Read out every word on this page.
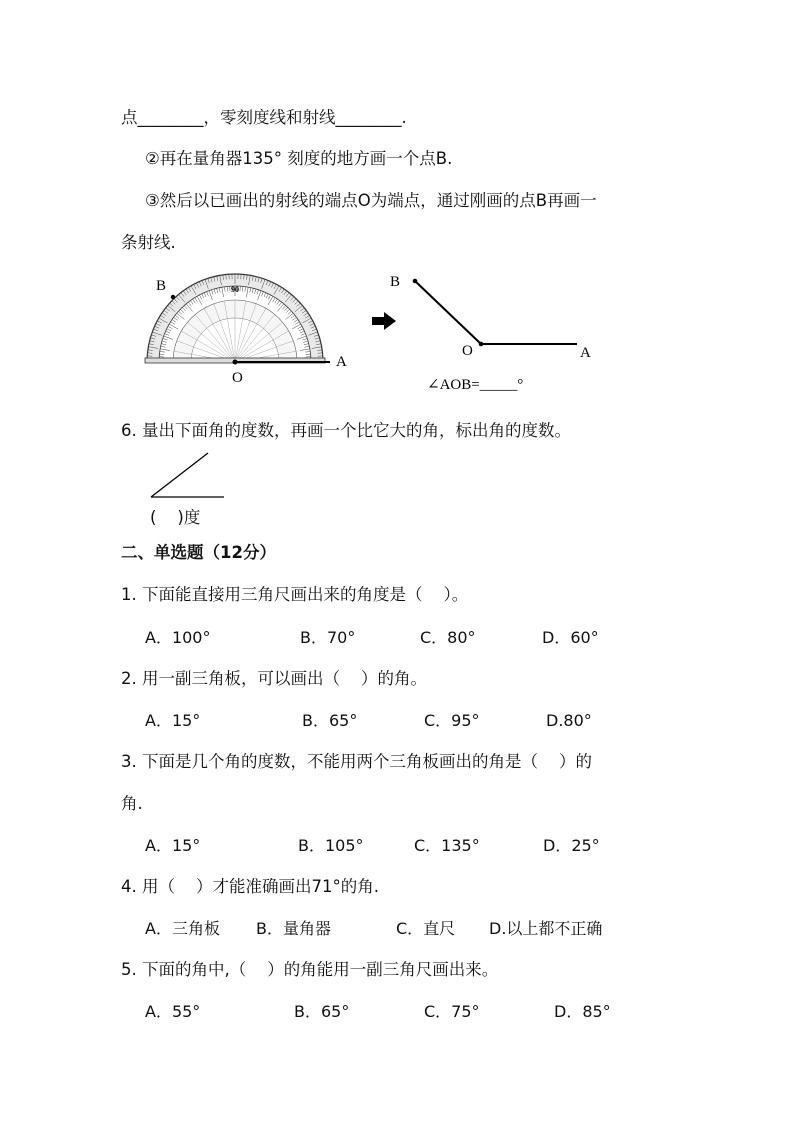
点________，零刻度线和射线________.
②再在量角器135° 刻度的地方画一个点B.
③然后以已画出的射线的端点O为端点，通过刚画的点B再画一
条射线.
90
B
O
A
B
O	A
∠AOB=_____°
6. 量出下面角的度数，再画一个比它大的角，标出角的度数。
(    )度
二、单选题（12分）
1. 下面能直接用三角尺画出来的角度是（    ）。
A．100°	B．70°	C．80°	D．60°
2. 用一副三角板，可以画出（    ）的角。
A．15°	B．65°	C．95°	D.80°
3. 下面是几个角的度数，不能用两个三角板画出的角是（    ）的
角.
A．15°	B．105°	C．135°	D．25°
4. 用（    ）才能准确画出71°的角.
A．三角板 B．量角器	C．直尺 D.以上都不正确
5. 下面的角中,（    ）的角能用一副三角尺画出来。
A．55°	B．65°	C．75°	D．85°
